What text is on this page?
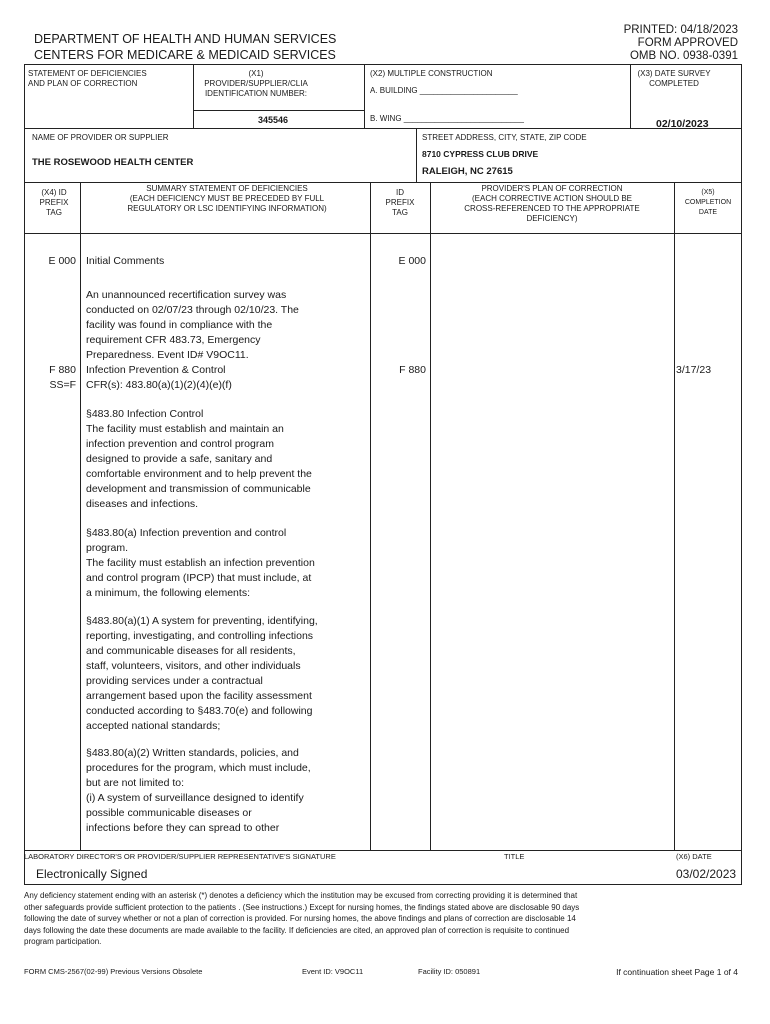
DEPARTMENT OF HEALTH AND HUMAN SERVICES
CENTERS FOR MEDICARE & MEDICAID SERVICES
PRINTED: 04/18/2023
FORM APPROVED
OMB NO. 0938-0391
STATEMENT OF DEFICIENCIES
AND PLAN OF CORRECTION
(X1) PROVIDER/SUPPLIER/CLIA
IDENTIFICATION NUMBER:
345546
(X2) MULTIPLE CONSTRUCTION
A. BUILDING ______________________
B. WING ___________________________
(X3) DATE SURVEY
COMPLETED
02/10/2023
NAME OF PROVIDER OR SUPPLIER
THE ROSEWOOD HEALTH CENTER
STREET ADDRESS, CITY, STATE, ZIP CODE
8710 CYPRESS CLUB DRIVE
RALEIGH, NC 27615
(X4) ID
PREFIX
TAG
SUMMARY STATEMENT OF DEFICIENCIES
(EACH DEFICIENCY MUST BE PRECEDED BY FULL
REGULATORY OR LSC IDENTIFYING INFORMATION)
ID
PREFIX
TAG
PROVIDER'S PLAN OF CORRECTION
(EACH CORRECTIVE ACTION SHOULD BE
CROSS-REFERENCED TO THE APPROPRIATE
DEFICIENCY)
(X5)
COMPLETION
DATE
E 000 Initial Comments	E 000
An unannounced recertification survey was
conducted on 02/07/23 through 02/10/23. The
facility was found in compliance with the
requirement CFR 483.73, Emergency
Preparedness. Event ID# V9OC11.
F 880
SS=F
Infection Prevention & Control
CFR(s): 483.80(a)(1)(2)(4)(e)(f)
F 880	3/17/23
§483.80 Infection Control
The facility must establish and maintain an
infection prevention and control program
designed to provide a safe, sanitary and
comfortable environment and to help prevent the
development and transmission of communicable
diseases and infections.
§483.80(a) Infection prevention and control
program.
The facility must establish an infection prevention
and control program (IPCP) that must include, at
a minimum, the following elements:
§483.80(a)(1) A system for preventing, identifying,
reporting, investigating, and controlling infections
and communicable diseases for all residents,
staff, volunteers, visitors, and other individuals
providing services under a contractual
arrangement based upon the facility assessment
conducted according to §483.70(e) and following
accepted national standards;
§483.80(a)(2) Written standards, policies, and
procedures for the program, which must include,
but are not limited to:
(i) A system of surveillance designed to identify
possible communicable diseases or
infections before they can spread to other
LABORATORY DIRECTOR'S OR PROVIDER/SUPPLIER REPRESENTATIVE'S SIGNATURE
Electronically Signed
TITLE	(X6) DATE
03/02/2023
Any deficiency statement ending with an asterisk (*) denotes a deficiency which the institution may be excused from correcting providing it is determined that
other safeguards provide sufficient protection to the patients . (See instructions.) Except for nursing homes, the findings stated above are disclosable 90 days
following the date of survey whether or not a plan of correction is provided. For nursing homes, the above findings and plans of correction are disclosable 14
days following the date these documents are made available to the facility. If deficiencies are cited, an approved plan of correction is requisite to continued
program participation.
FORM CMS-2567(02-99) Previous Versions Obsolete	Event ID: V9OC11	Facility ID: 050891	If continuation sheet Page 1 of 4
